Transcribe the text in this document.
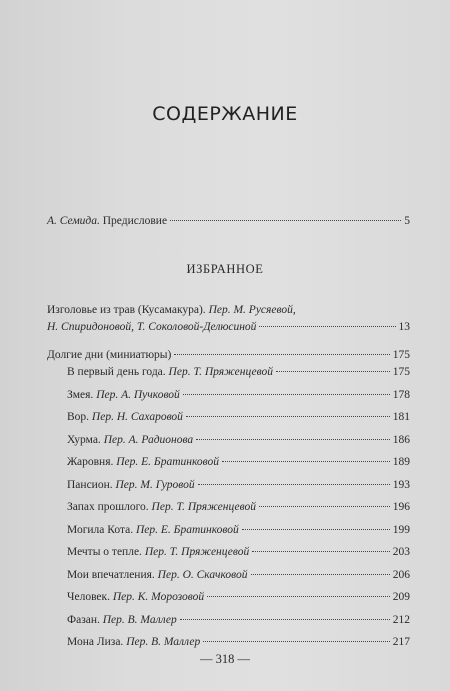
СОДЕРЖАНИЕ
А. Семида. Предисловие	5
ИЗБРАННОЕ
Изголовье из трав (Кусамакура). Пер. М. Русяевой,
Н. Спиридоновой, Т. Соколовой-Делюсиной	13
Долгие дни (миниатюры)	175
В первый день года. Пер. Т. Пряженцевой	175
Змея. Пер. А. Пучковой	178
Вор. Пер. Н. Сахаровой	181
Хурма. Пер. А. Радионова	186
Жаровня. Пер. Е. Братинковой	189
Пансион. Пер. М. Гуровой	193
Запах прошлого. Пер. Т. Пряженцевой	196
Могила Кота. Пер. Е. Братинковой	199
Мечты о тепле. Пер. Т. Пряженцевой	203
Мои впечатления. Пер. О. Скачковой	206
Человек. Пер. К. Морозовой	209
Фазан. Пер. В. Маллер	212
Мона Лиза. Пер. В. Маллер	217
— 318 —
